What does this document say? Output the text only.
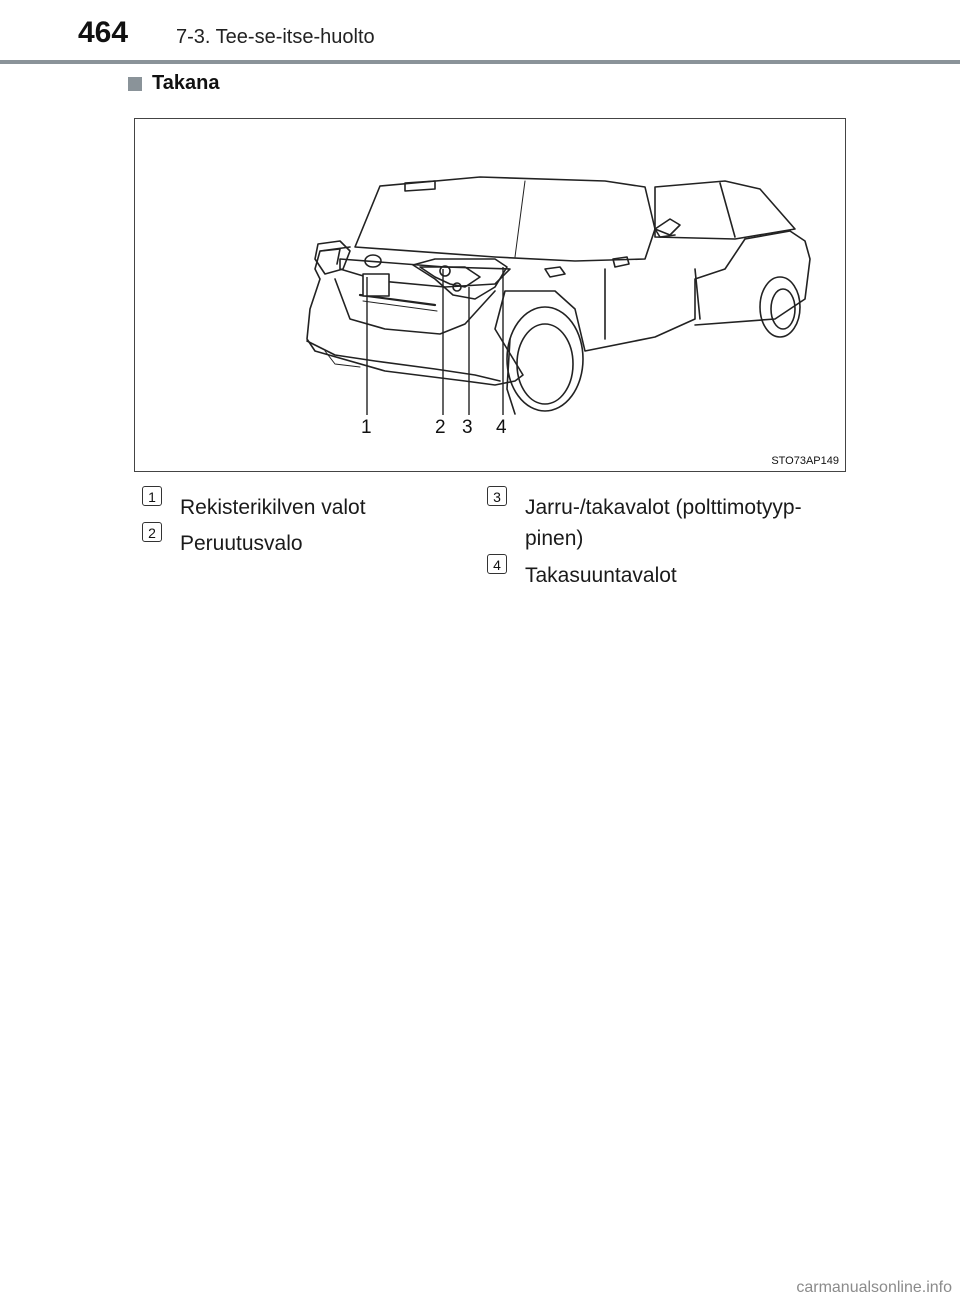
464 7-3. Tee-se-itse-huolto
Takana
1	2 3 4
STO73AP149
1 Rekisterikilven valot
2 Peruutusvalo
3 Jarru-/takavalot (polttimotyyp-pinen)
4 Takasuuntavalot
carmanualsonline.info
